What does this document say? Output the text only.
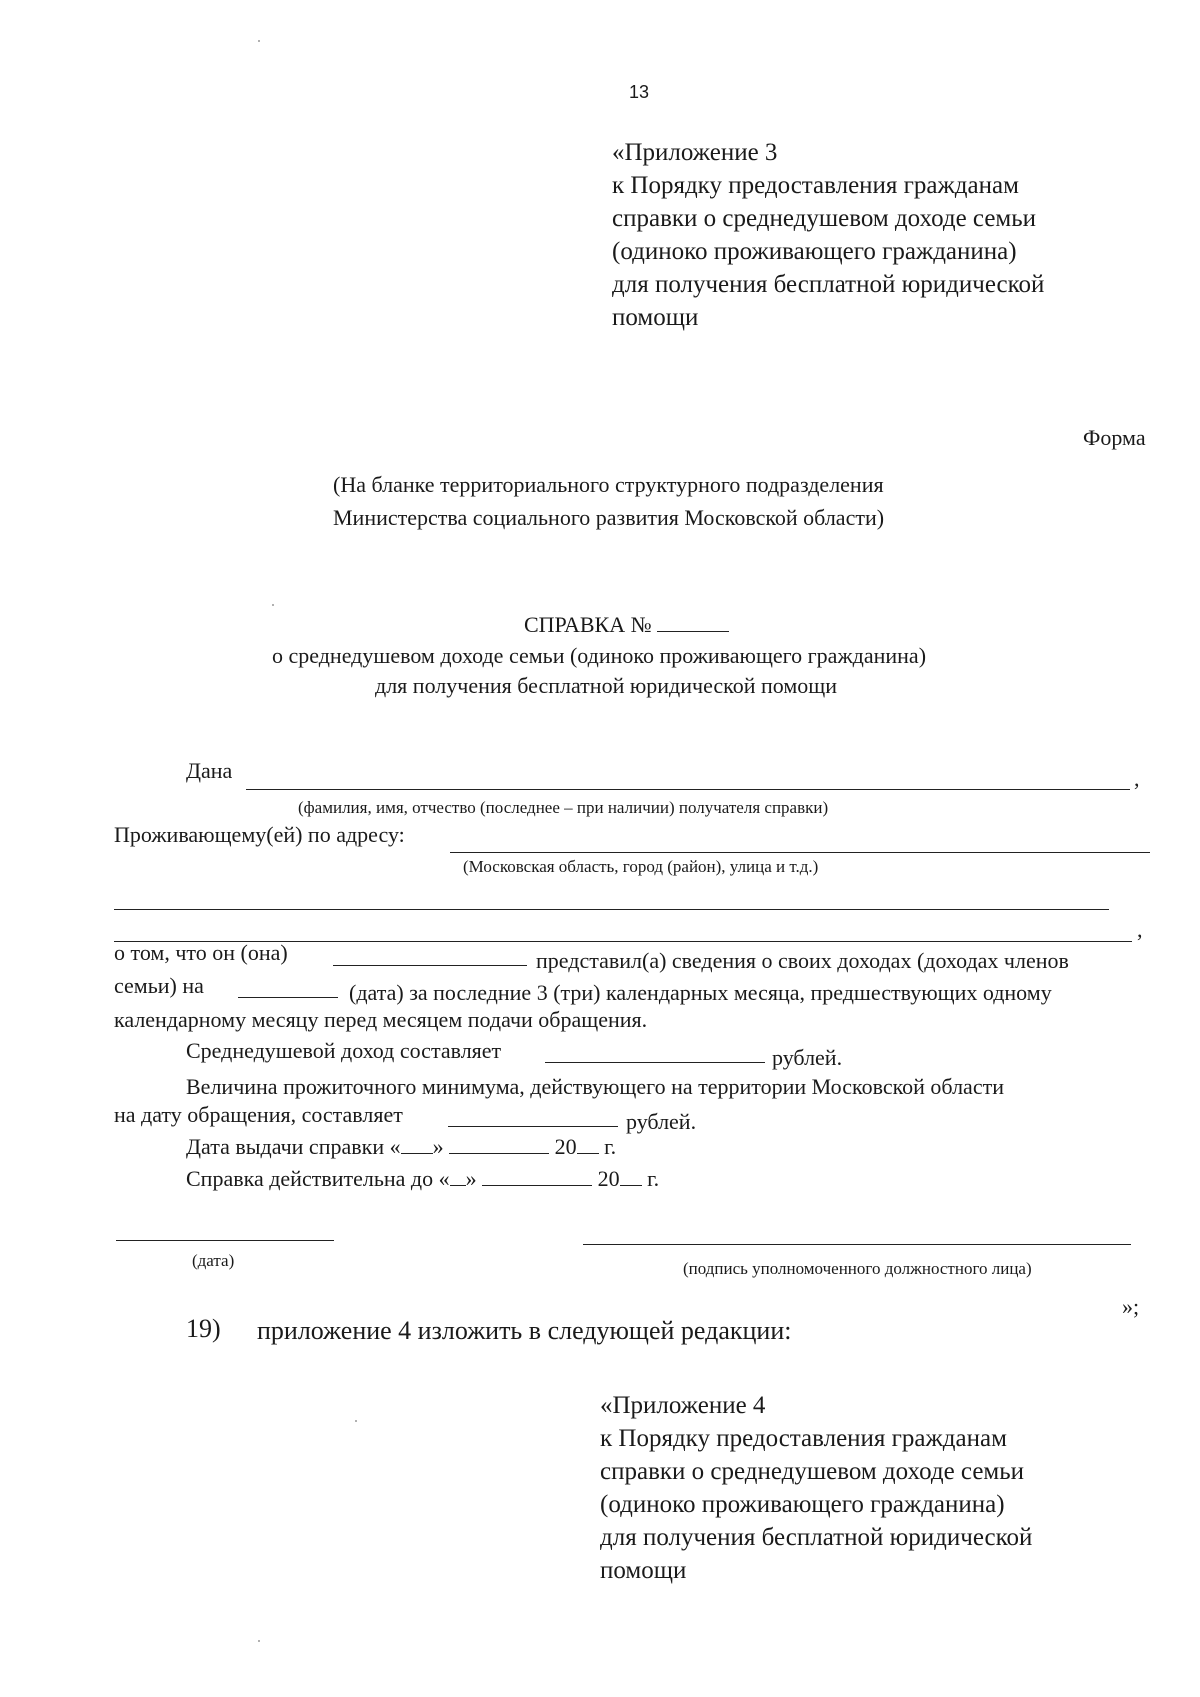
13
«Приложение 3
к Порядку предоставления гражданам
справки о среднедушевом доходе семьи
(одиноко проживающего гражданина)
для получения бесплатной юридической
помощи
Форма
(На бланке территориального структурного подразделения
Министерства социального развития Московской области)
СПРАВКА №
о среднедушевом доходе семьи (одиноко проживающего гражданина)
для получения бесплатной юридической помощи
Дана	,
(фамилия, имя, отчество (последнее – при наличии) получателя справки)
Проживающему(ей) по адресу:
(Московская область, город (район), улица и т.д.)
,
о том, что он (она)	представил(а) сведения о своих доходах (доходах членов
семьи) на	(дата) за последние 3 (три) календарных месяца, предшествующих одному
календарному месяцу перед месяцем подачи обращения.
Среднедушевой доход составляет	рублей.
Величина прожиточного минимума, действующего на территории Московской области
на дату обращения, составляет	рублей.
Дата выдачи справки « »	20 г.
Справка действительна до « »	20 г.
(дата)	(подпись уполномоченного должностного лица)
»;
19) приложение 4 изложить в следующей редакции:
«Приложение 4
к Порядку предоставления гражданам
справки о среднедушевом доходе семьи
(одиноко проживающего гражданина)
для получения бесплатной юридической
помощи
